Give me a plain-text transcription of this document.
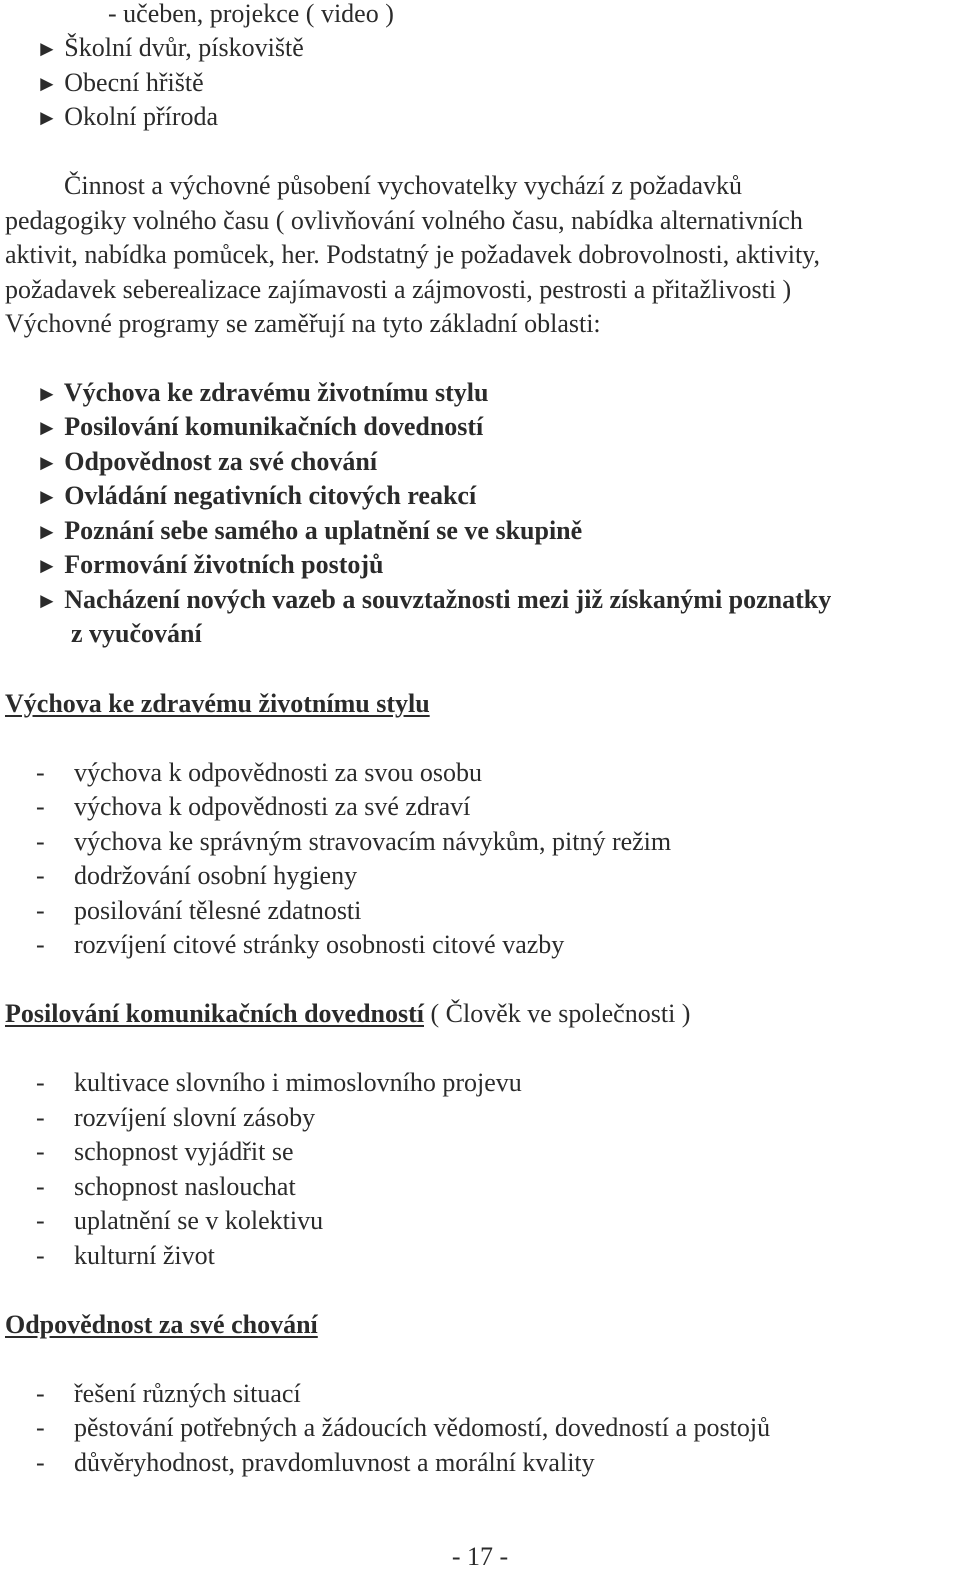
- učeben, projekce ( video )
► Školní dvůr, pískoviště
► Obecní hřiště
► Okolní příroda
Činnost a výchovné působení vychovatelky vychází z požadavků
pedagogiky volného času ( ovlivňování volného času, nabídka alternativních
aktivit, nabídka pomůcek, her. Podstatný je požadavek dobrovolnosti, aktivity,
požadavek seberealizace zajímavosti a zájmovosti, pestrosti a přitažlivosti )
Výchovné programy se zaměřují na tyto základní oblasti:
► Výchova ke zdravému životnímu stylu
► Posilování komunikačních dovedností
► Odpovědnost za své chování
► Ovládání negativních citových reakcí
► Poznání sebe samého a uplatnění se ve skupině
► Formování životních postojů
► Nacházení nových vazeb a souvztažnosti mezi již získanými poznatky
z vyučování
Výchova ke zdravému životnímu stylu
- výchova k odpovědnosti za svou osobu
- výchova k odpovědnosti za své zdraví
- výchova ke správným stravovacím návykům, pitný režim
- dodržování osobní hygieny
- posilování tělesné zdatnosti
- rozvíjení citové stránky osobnosti citové vazby
Posilování komunikačních dovedností ( Člověk ve společnosti )
- kultivace slovního i mimoslovního projevu
- rozvíjení slovní zásoby
- schopnost vyjádřit se
- schopnost naslouchat
- uplatnění se v kolektivu
- kulturní život
Odpovědnost za své chování
- řešení různých situací
- pěstování potřebných a žádoucích vědomostí, dovedností a postojů
- důvěryhodnost, pravdomluvnost a morální kvality
- 17 -
